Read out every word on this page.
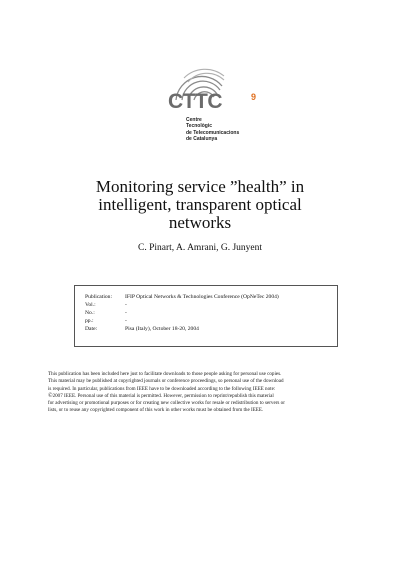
CTTC	9
Centre
Tecnològic
de Telecomunicacions
de Catalunya
Monitoring service ”health” in
intelligent, transparent optical
networks
C. Pinart, A. Amrani, G. Junyent
Publication: IFIP Optical Networks & Technologies Conference (OpNeTec 2004)
Vol.:	-
No.:	-
pp.:	-
Date:	Pisa (Italy), October 18-20, 2004
This publication has been included here just to facilitate downloads to those people asking for personal use copies.
This material may be published at copyrighted journals or conference proceedings, so personal use of the download
is required. In particular, publications from IEEE have to be downloaded according to the following IEEE note:
©2007 IEEE. Personal use of this material is permitted. However, permission to reprint/republish this material
for advertising or promotional purposes or for creating new collective works for resale or redistribution to servers or
lists, or to reuse any copyrighted component of this work in other works must be obtained from the IEEE.
